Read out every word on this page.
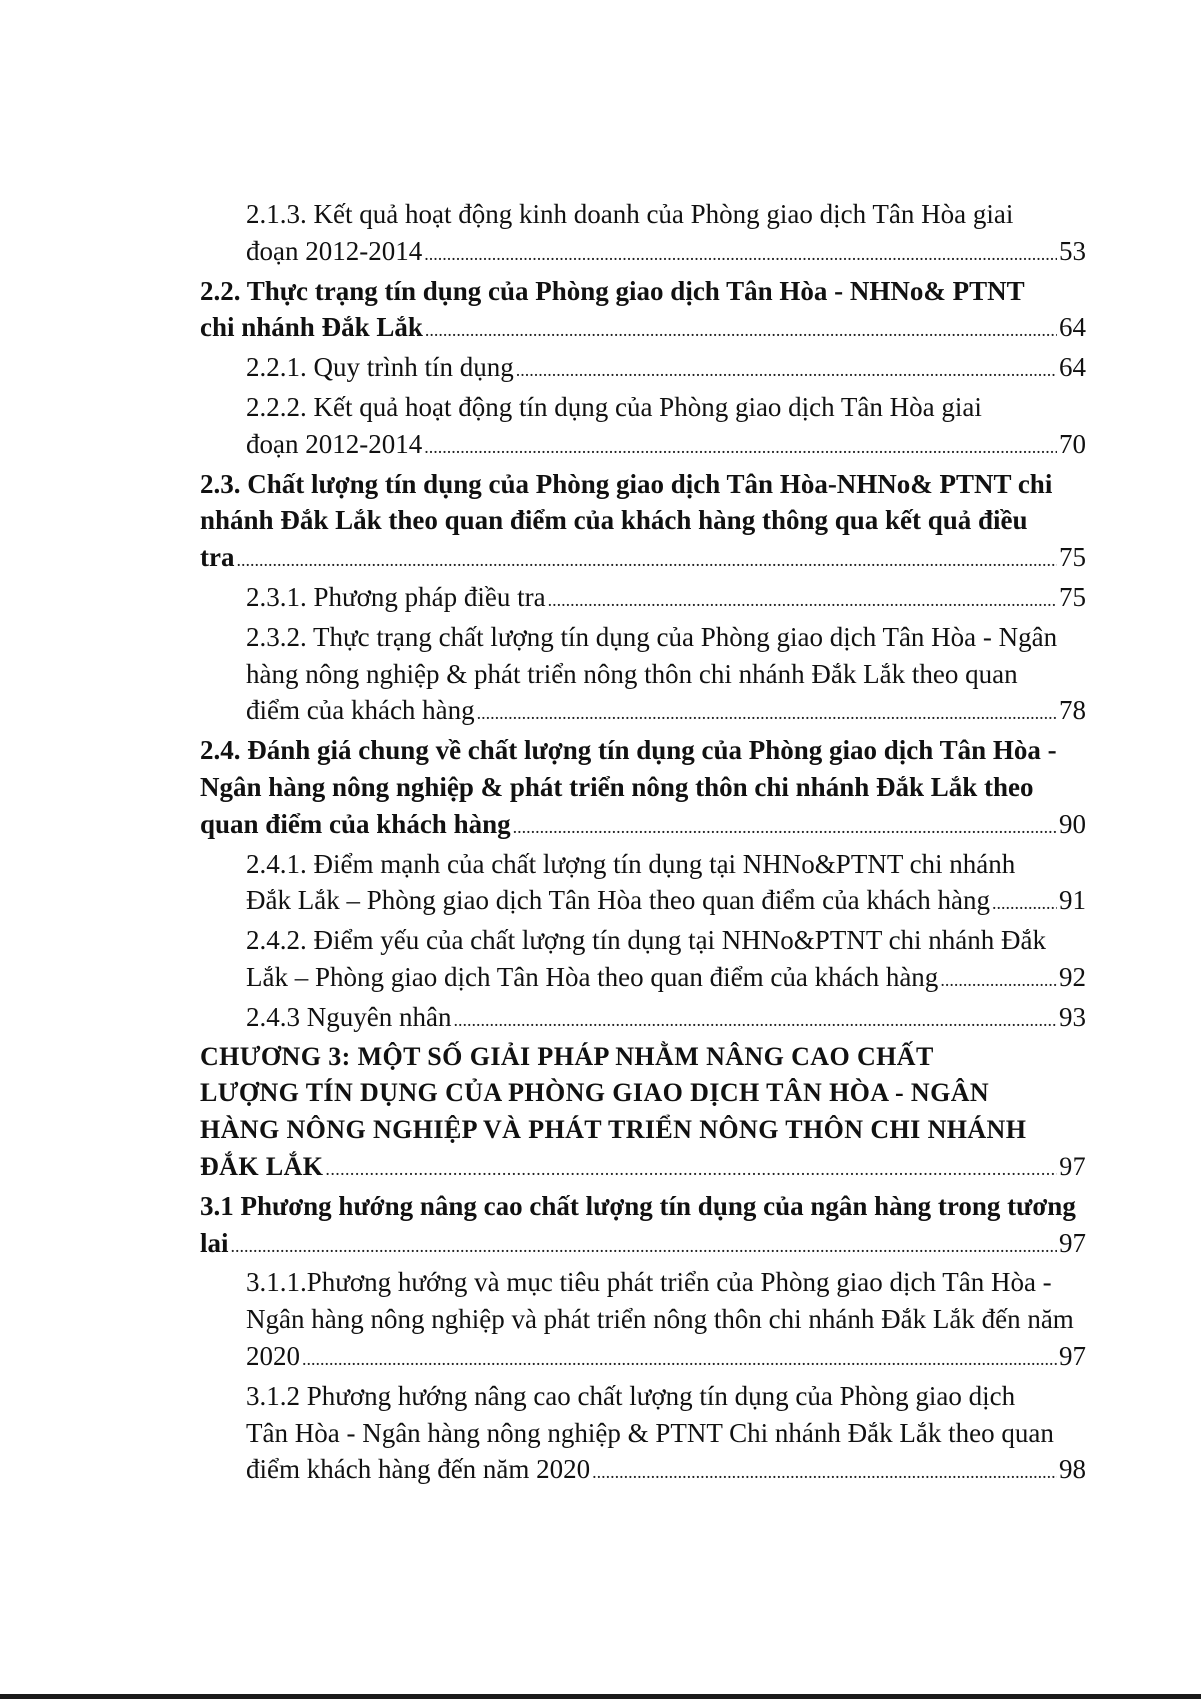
2.1.3. Kết quả hoạt động kinh doanh của Phòng giao dịch Tân Hòa giai
đoạn 2012-2014 .....	53
2.2. Thực trạng tín dụng của Phòng giao dịch Tân Hòa - NHNo& PTNT
chi nhánh Đắk Lắk .....	64
2.2.1. Quy trình tín dụng .....	64
2.2.2. Kết quả hoạt động tín dụng của Phòng giao dịch Tân Hòa giai
đoạn 2012-2014 .....	70
2.3. Chất lượng tín dụng của Phòng giao dịch Tân Hòa-NHNo& PTNT chi
nhánh Đắk Lắk theo quan điểm của khách hàng thông qua kết quả điều
tra .....	75
2.3.1. Phương pháp điều tra .....	75
2.3.2. Thực trạng chất lượng tín dụng của Phòng giao dịch Tân Hòa - Ngân
hàng nông nghiệp & phát triển nông thôn chi nhánh Đắk Lắk theo quan
điểm của khách hàng .....	78
2.4. Đánh giá chung về chất lượng tín dụng của Phòng giao dịch Tân Hòa -
Ngân hàng nông nghiệp & phát triển nông thôn chi nhánh Đắk Lắk theo
quan điểm của khách hàng .....	90
2.4.1. Điểm mạnh của chất lượng tín dụng tại NHNo&PTNT chi nhánh
Đắk Lắk – Phòng giao dịch Tân Hòa theo quan điểm của khách hàng .....	91
2.4.2. Điểm yếu của chất lượng tín dụng tại NHNo&PTNT chi nhánh Đắk
Lắk – Phòng giao dịch Tân Hòa theo quan điểm của khách hàng .....	92
2.4.3 Nguyên nhân .....	93
CHƯƠNG 3: MỘT SỐ GIẢI PHÁP NHẰM NÂNG CAO CHẤT
LƯỢNG TÍN DỤNG CỦA PHÒNG GIAO DỊCH TÂN HÒA - NGÂN
HÀNG NÔNG NGHIỆP VÀ PHÁT TRIỂN NÔNG THÔN CHI NHÁNH
ĐẮK LẮK .....	97
3.1 Phương hướng nâng cao chất lượng tín dụng của ngân hàng trong tương
lai .....	97
3.1.1.Phương hướng và mục tiêu phát triển của Phòng giao dịch Tân Hòa -
Ngân hàng nông nghiệp và phát triển nông thôn chi nhánh Đắk Lắk đến năm
2020 .....	97
3.1.2 Phương hướng nâng cao chất lượng tín dụng của Phòng giao dịch
Tân Hòa - Ngân hàng nông nghiệp & PTNT Chi nhánh Đắk Lắk theo quan
điểm khách hàng đến năm 2020 .....	98
